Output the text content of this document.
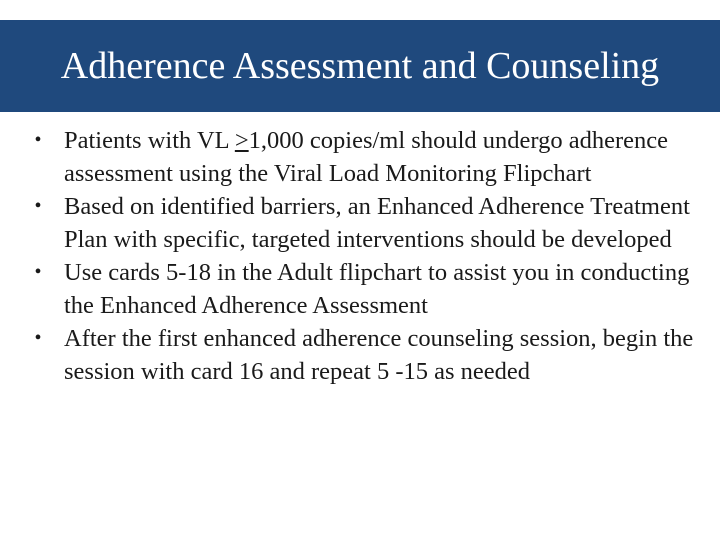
Adherence Assessment and Counseling
• Patients with VL >1,000 copies/ml should undergo adherence assessment using the Viral Load Monitoring Flipchart
• Based on identified barriers, an Enhanced Adherence Treatment Plan with specific, targeted interventions should be developed
• Use cards 5-18 in the Adult flipchart to assist you in conducting the Enhanced Adherence Assessment
• After the first enhanced adherence counseling session, begin the session with card 16 and repeat 5 -15 as needed
